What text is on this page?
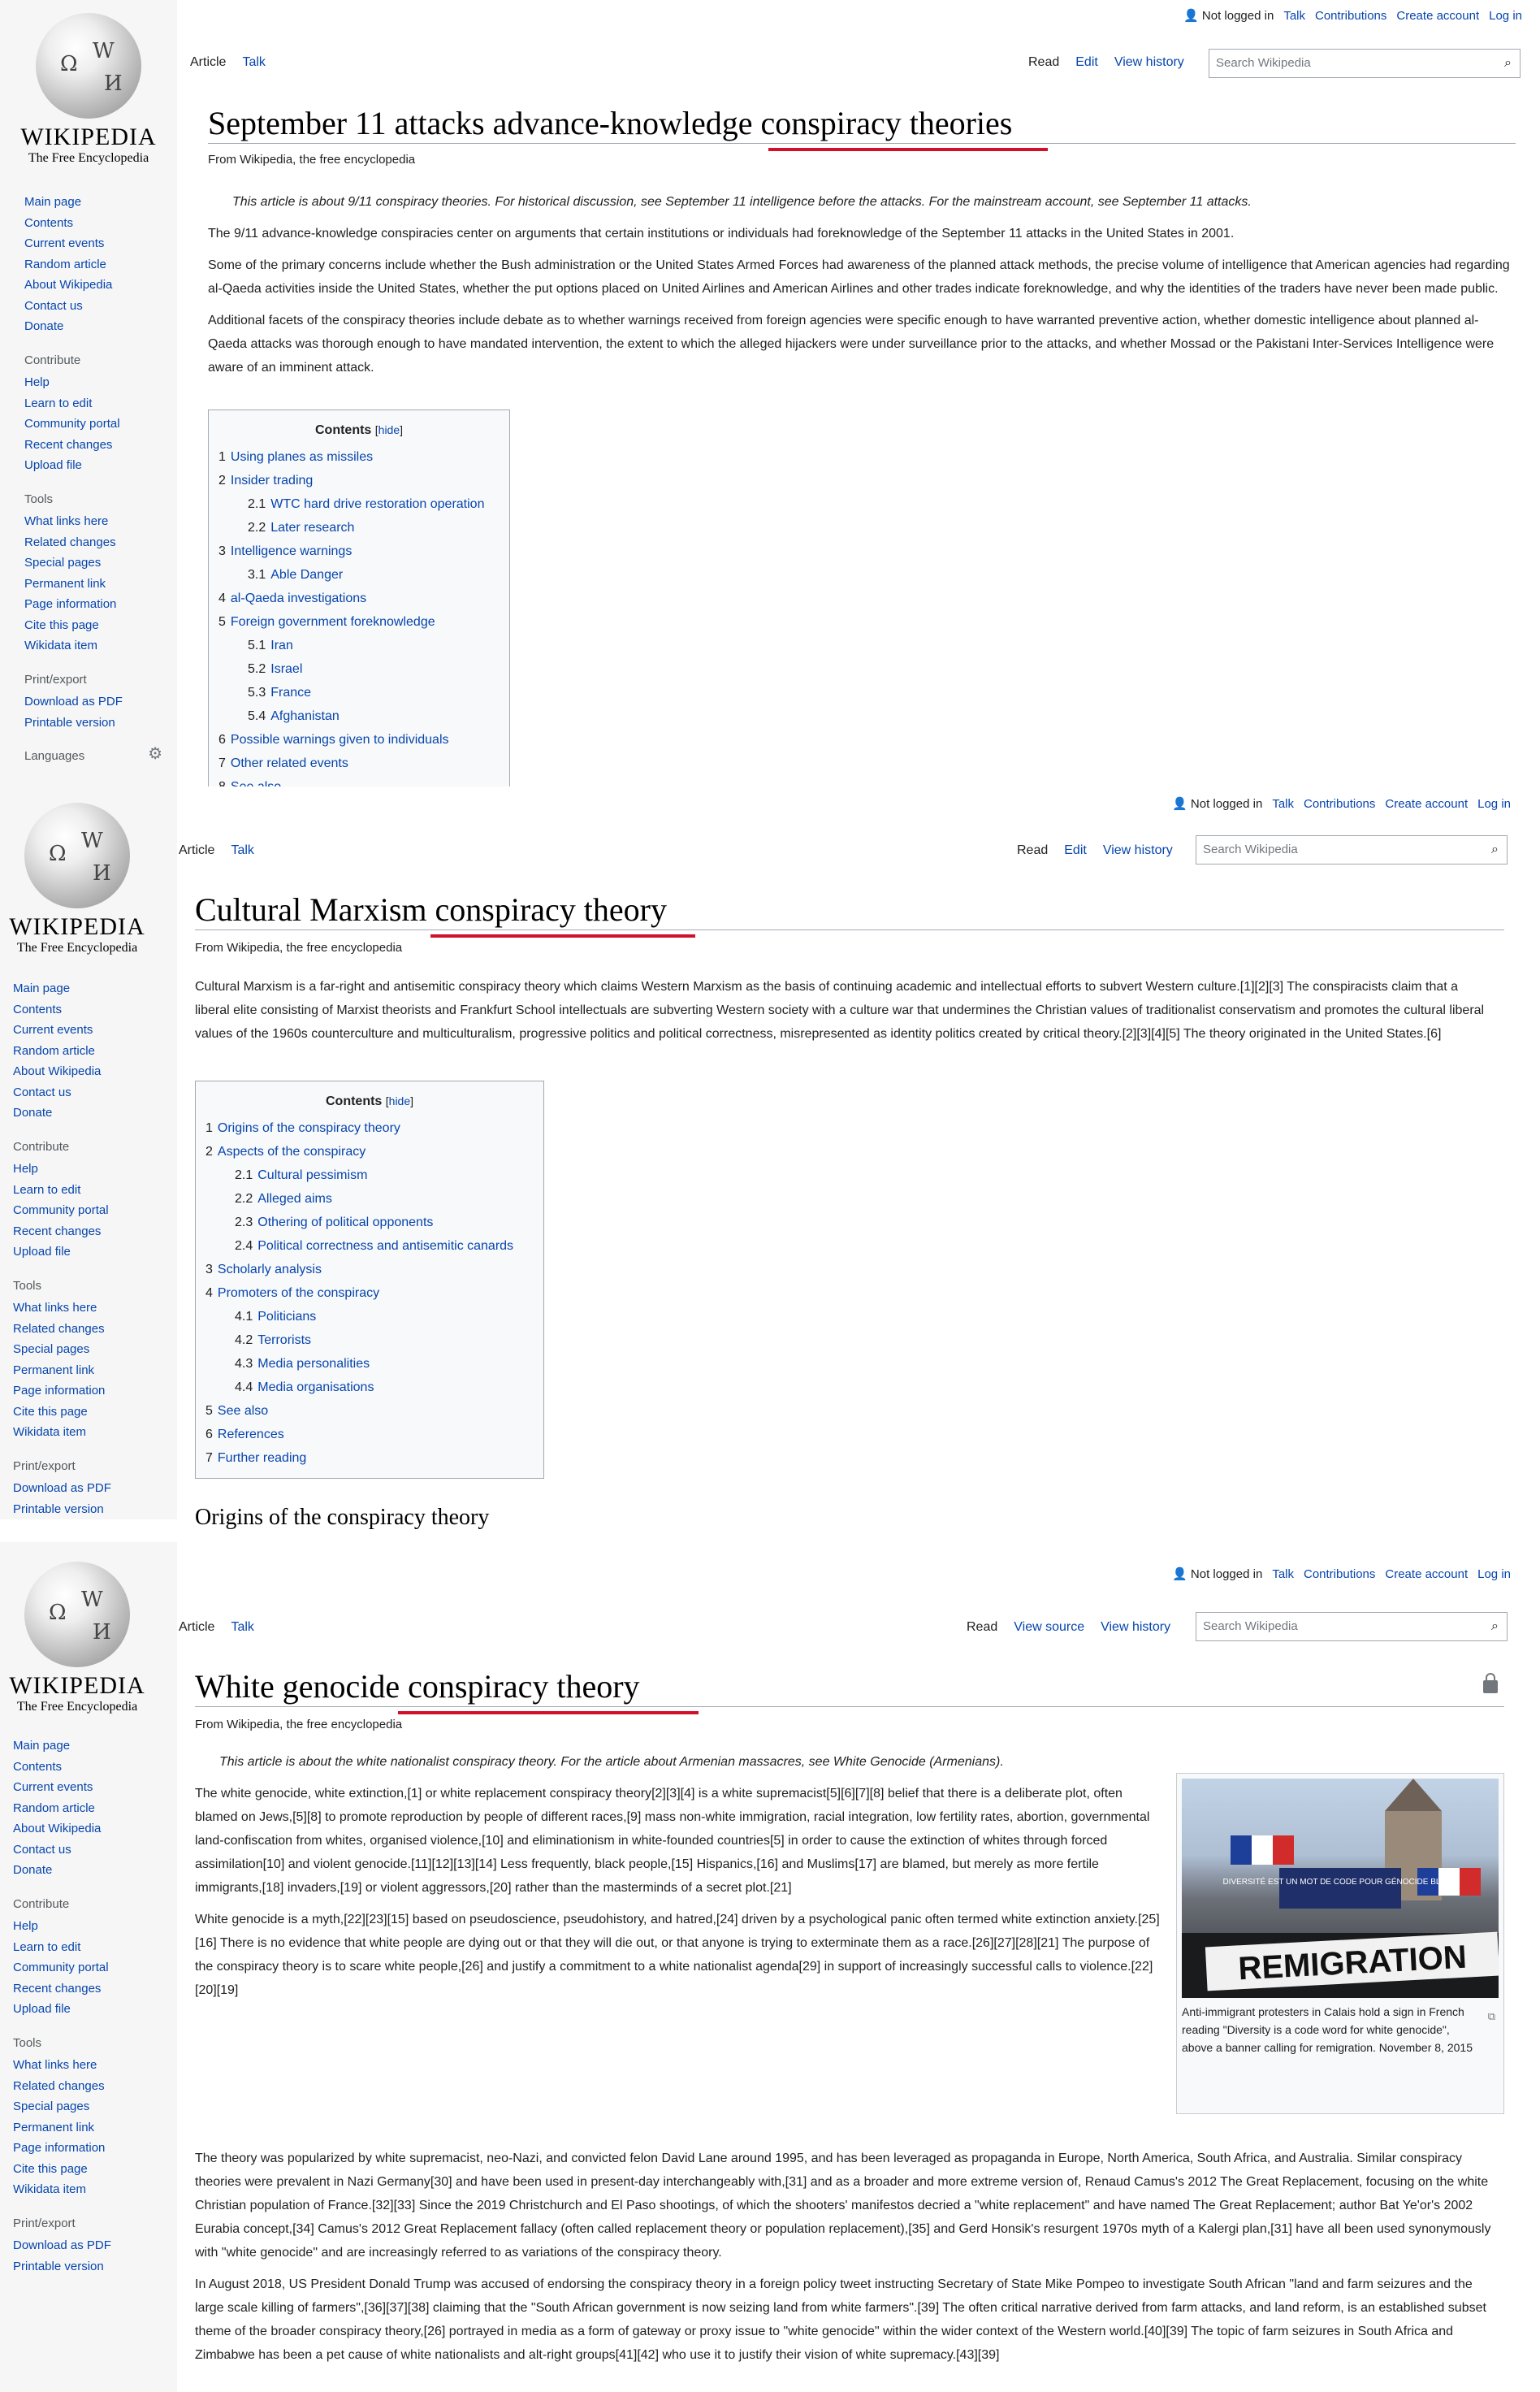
Ω
W
И
WIKIPEDIA
The Free Encyclopedia
Main page
Contents
Current events
Random article
About Wikipedia
Contact us
Donate
Contribute
Help
Learn to edit
Community portal
Recent changes
Upload file
Tools
What links here
Related changes
Special pages
Permanent link
Page information
Cite this page
Wikidata item
Print/export
Download as PDF
Printable version
Languages	⚙
👤 Not logged in Talk Contributions Create account Log in
Article Talk	Read Edit View history	Search Wikipedia	⌕
September 11 attacks advance-knowledge conspiracy theories
From Wikipedia, the free encyclopedia

This article is about 9/11 conspiracy theories. For historical discussion, see September 11 intelligence before the attacks. For the mainstream account, see September 11 attacks.

The 9/11 advance-knowledge conspiracies center on arguments that certain institutions or individuals had foreknowledge of the September 11 attacks in the United States in 2001.

Some of the primary concerns include whether the Bush administration or the United States Armed Forces had awareness of the planned attack methods, the precise volume of intelligence that American agencies had regarding al-Qaeda activities inside the United States, whether the put options placed on United Airlines and American Airlines and other trades indicate foreknowledge, and why the identities of the traders have never been made public.

Additional facets of the conspiracy theories include debate as to whether warnings received from foreign agencies were specific enough to have warranted preventive action, whether domestic intelligence about planned al-Qaeda attacks was thorough enough to have mandated intervention, the extent to which the alleged hijackers were under surveillance prior to the attacks, and whether Mossad or the Pakistani Inter-Services Intelligence were aware of an imminent attack.

Contents [hide]
1 Using planes as missiles
2 Insider trading
2.1 WTC hard drive restoration operation
2.2 Later research
3 Intelligence warnings
3.1 Able Danger
4 al-Qaeda investigations
5 Foreign government foreknowledge
5.1 Iran
5.2 Israel
5.3 France
5.4 Afghanistan
6 Possible warnings given to individuals
7 Other related events
Ω
W
И
WIKIPEDIA
The Free Encyclopedia
Main page
Contents
Current events
Random article
About Wikipedia
Contact us
Donate
Contribute
Help
Learn to edit
Community portal
Recent changes
Upload file
Tools
What links here
Related changes
Special pages
Permanent link
Page information
Cite this page
Wikidata item
Print/export
Download as PDF
Printable version
👤 Not logged in Talk Contributions Create account Log in
Article Talk	Read Edit View history	Search Wikipedia	⌕
Cultural Marxism conspiracy theory
From Wikipedia, the free encyclopedia

Cultural Marxism is a far-right and antisemitic conspiracy theory which claims Western Marxism as the basis of continuing academic and intellectual efforts to subvert Western culture.[1][2][3] The conspiracists claim that a liberal elite consisting of Marxist theorists and Frankfurt School intellectuals are subverting Western society with a culture war that undermines the Christian values of traditionalist conservatism and promotes the cultural liberal values of the 1960s counterculture and multiculturalism, progressive politics and political correctness, misrepresented as identity politics created by critical theory.[2][3][4][5] The theory originated in the United States.[6]

Contents [hide]
1 Origins of the conspiracy theory
2 Aspects of the conspiracy
2.1 Cultural pessimism
2.2 Alleged aims
2.3 Othering of political opponents
2.4 Political correctness and antisemitic canards
3 Scholarly analysis
4 Promoters of the conspiracy
4.1 Politicians
4.2 Terrorists
4.3 Media personalities
4.4 Media organisations
5 See also
6 References
7 Further reading
Origins of the conspiracy theory
Ω
W
И
WIKIPEDIA
The Free Encyclopedia
Main page
Contents
Current events
Random article
About Wikipedia
Contact us
Donate
Contribute
Help
Learn to edit
Community portal
Recent changes
Upload file
Tools
What links here
Related changes
Special pages
Permanent link
Page information
Cite this page
Wikidata item
Print/export
Download as PDF
Printable version
👤 Not logged in Talk Contributions Create account Log in
Article Talk	Read View source View history	Search Wikipedia	⌕
White genocide conspiracy theory
From Wikipedia, the free encyclopedia

This article is about the white nationalist conspiracy theory. For the article about Armenian massacres, see White Genocide (Armenians).

The white genocide, white extinction,[1] or white replacement conspiracy theory[2][3][4] is a white supremacist[5][6][7][8] belief that there is a deliberate plot, often blamed on Jews,[5][8] to promote reproduction by people of different races,[9] mass non-white immigration, racial integration, low fertility rates, abortion, governmental land-confiscation from whites, organised violence,[10] and eliminationism in white-founded countries[5] in order to cause the extinction of whites through forced assimilation[10] and violent genocide.[11][12][13][14] Less frequently, black people,[15] Hispanics,[16] and Muslims[17] are blamed, but merely as more fertile immigrants,[18] invaders,[19] or violent aggressors,[20] rather than the masterminds of a secret plot.[21]

White genocide is a myth,[22][23][15] based on pseudoscience, pseudohistory, and hatred,[24] driven by a psychological panic often termed white extinction anxiety.[25][16] There is no evidence that white people are dying out or that they will die out, or that anyone is trying to exterminate them as a race.[26][27][28][21] The purpose of the conspiracy theory is to scare white people,[26] and justify a commitment to a white nationalist agenda[29] in support of increasingly successful calls to violence.[22][20][19]

The theory was popularized by white supremacist, neo-Nazi, and convicted felon David Lane around 1995, and has been leveraged as propaganda in Europe, North America, South Africa, and Australia. Similar conspiracy theories were prevalent in Nazi Germany[30] and have been used in present-day interchangeably with,[31] and as a broader and more extreme version of, Renaud Camus's 2012 The Great Replacement, focusing on the white Christian population of France.[32][33] Since the 2019 Christchurch and El Paso shootings, of which the shooters' manifestos decried a "white replacement" and have named The Great Replacement; author Bat Ye'or's 2002 Eurabia concept,[34] Camus's 2012 Great Replacement fallacy (often called replacement theory or population replacement),[35] and Gerd Honsik's resurgent 1970s myth of a Kalergi plan,[31] have all been used synonymously with "white genocide" and are increasingly referred to as variations of the conspiracy theory.

In August 2018, US President Donald Trump was accused of endorsing the conspiracy theory in a foreign policy tweet instructing Secretary of State Mike Pompeo to investigate South African "land and farm seizures and the large scale killing of farmers",[36][37][38] claiming that the "South African government is now seizing land from white farmers".[39] The often critical narrative derived from farm attacks, and land reform, is an established subset theme of the broader conspiracy theory,[26] portrayed in media as a form of gateway or proxy issue to "white genocide" within the wider context of the Western world.[40][39] The topic of farm seizures in South Africa and Zimbabwe has been a pet cause of white nationalists and alt-right groups[41][42] who use it to justify their vision of white supremacy.[43][39]

DIVERSITÉ EST UN MOT DE CODE POUR GÉNOCIDE BLANC
REMIGRATION
⧉
Anti-immigrant protesters in Calais hold a sign in French reading "Diversity is a code word for white genocide", above a banner calling for remigration. November 8, 2015
